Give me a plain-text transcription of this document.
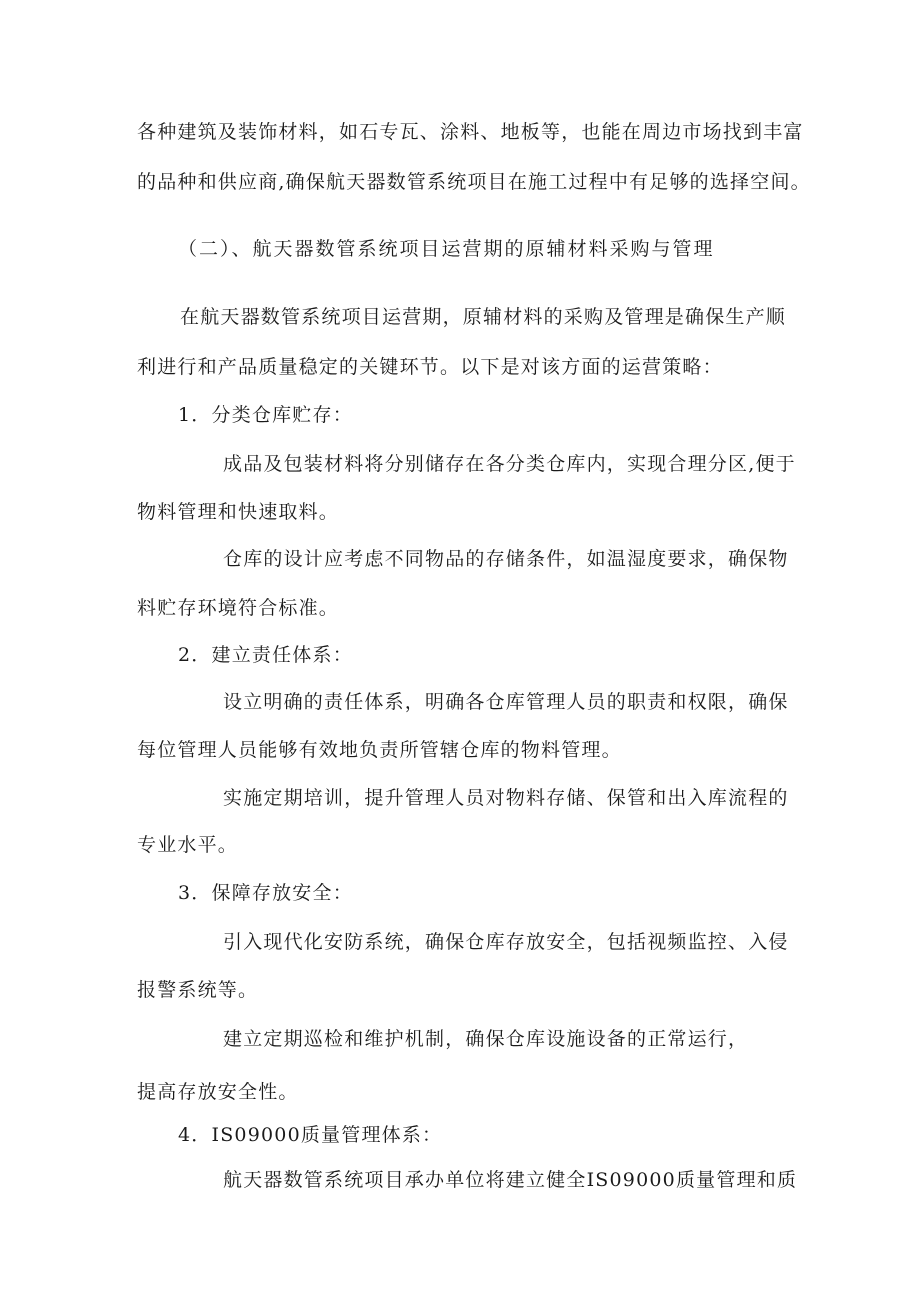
各种建筑及装饰材料，如石专瓦、涂料、地板等，也能在周边市场找到丰富
的品种和供应商,确保航天器数管系统项目在施工过程中有足够的选择空间。
（二）、航天器数管系统项目运营期的原辅材料采购与管理
在航天器数管系统项目运营期，原辅材料的采购及管理是确保生产顺
利进行和产品质量稳定的关键环节。以下是对该方面的运营策略：
1．分类仓库贮存：
成品及包装材料将分别储存在各分类仓库内，实现合理分区,便于
物料管理和快速取料。
仓库的设计应考虑不同物品的存储条件，如温湿度要求，确保物
料贮存环境符合标准。
2．建立责任体系：
设立明确的责任体系，明确各仓库管理人员的职责和权限，确保
每位管理人员能够有效地负责所管辖仓库的物料管理。
实施定期培训，提升管理人员对物料存储、保管和出入库流程的
专业水平。
3．保障存放安全：
引入现代化安防系统，确保仓库存放安全，包括视频监控、入侵
报警系统等。
建立定期巡检和维护机制，确保仓库设施设备的正常运行，
提高存放安全性。
4．IS09000质量管理体系：
航天器数管系统项目承办单位将建立健全IS09000质量管理和质
